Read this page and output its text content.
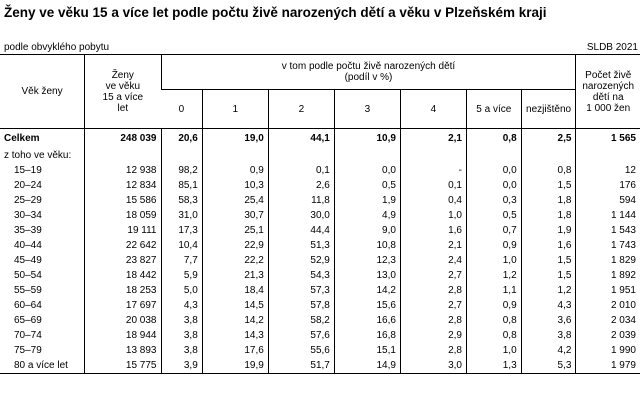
Ženy ve věku 15 a více let podle počtu živě narozených dětí a věku v Plzeňském kraji
podle obvyklého pobytu	SLDB 2021
Věk ženy	Ženy
ve věku
15 a více
let	v tom podle počtu živě narozených dětí
(podíl v %)							Počet živě
narozených
dětí na
1 000 žen
		0	1	2	3	4	5 a více	nezjištěno	
Celkem	248 039	20,6	19,0	44,1	10,9	2,1	0,8	2,5	1 565
z toho ve věku:									
15–19	12 938	98,2	0,9	0,1	0,0	-	0,0	0,8	12
20–24	12 834	85,1	10,3	2,6	0,5	0,1	0,0	1,5	176
25–29	15 586	58,3	25,4	11,8	1,9	0,4	0,3	1,8	594
30–34	18 059	31,0	30,7	30,0	4,9	1,0	0,5	1,8	1 144
35–39	19 111	17,3	25,1	44,4	9,0	1,6	0,7	1,9	1 543
40–44	22 642	10,4	22,9	51,3	10,8	2,1	0,9	1,6	1 743
45–49	23 827	7,7	22,2	52,9	12,3	2,4	1,0	1,5	1 829
50–54	18 442	5,9	21,3	54,3	13,0	2,7	1,2	1,5	1 892
55–59	18 253	5,0	18,4	57,3	14,2	2,8	1,1	1,2	1 951
60–64	17 697	4,3	14,5	57,8	15,6	2,7	0,9	4,3	2 010
65–69	20 038	3,8	14,2	58,2	16,6	2,8	0,8	3,6	2 034
70–74	18 944	3,8	14,3	57,6	16,8	2,9	0,8	3,8	2 039
75–79	13 893	3,8	17,6	55,6	15,1	2,8	1,0	4,2	1 990
80 a více let	15 775	3,9	19,9	51,7	14,9	3,0	1,3	5,3	1 979
